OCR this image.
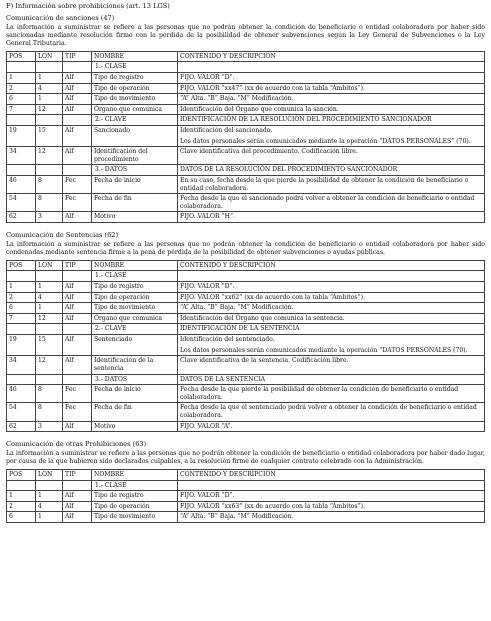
F) Información sobre prohibiciones (art. 13 LGS)
Comunicación de sanciones (47)
La información a suministrar se refiere a las personas que no podrán obtener la condición de beneficiario o entidad colaboradora por haber sido sancionadas mediante resolución firme con la pérdida de la posibilidad de obtener subvenciones según la Ley General de Subvenciones o la Ley General Tributaria.
POS	LON	TIP	NOMBRE	CONTENIDO Y DESCRIPCIÓN
			1.- CLASE	
1	1	Alf	Tipo de registro	FIJO. VALOR “D”.

2	4	Alf	Tipo de operación	FIJO. VALOR “xx47” (xx de acuerdo con la tabla “Ámbitos”).

6	1	Alf	Tipo de movimiento	“A” Alta. “B” Baja. “M” Modificación.

7	12	Alf	Órgano que comunica	Identificación del Órgano que comunica la sanción.

			2.- CLAVE	IDENTIFICACIÓN DE LA RESOLUCIÓN DEL PROCEDIMIENTO SANCIONADOR

19	15	Alf	Sancionado	Identificación del sancionado.

Los datos personales serán comunicados mediante la operación “DATOS PERSONALES” (70).

34	12	Alf	Identificación del procedimiento	Clave identificativa del procedimiento. Codificación libre.

			3.- DATOS	DATOS DE LA RESOLUCIÓN DEL PROCEDIMIENTO SANCIONADOR

46	8	Fec	Fecha de inicio	En su caso, fecha desde la que pierde la posibilidad de obtener la condición de beneficiario o entidad colaboradora.

54	8	Fec	Fecha de fin	Fecha desde la que el sancionado podrá volver a obtener la condición de beneficiario o entidad colaboradora.

62	3	Alf	Motivo	FIJO. VALOR “H”.

Comunicación de Sentencias (62)
La información a suministrar se refiere a las personas que no podrán obtener la condición de beneficiario o entidad colaboradora por haber sido condenadas mediante sentencia firme a la pena de pérdida de la posibilidad de obtener subvenciones o ayudas públicas.
POS	LON	TIP	NOMBRE	CONTENIDO Y DESCRIPCIÓN
			1.- CLASE	
1	1	Alf	Tipo de registro	FIJO. VALOR “D”.

2	4	Alf	Tipo de operación	FIJO. VALOR “xx62” (xx de acuerdo con la tabla “Ámbitos”).

6	1	Alf	Tipo de movimiento	“A” Alta. “B” Baja. “M” Modificación.

7	12	Alf	Órgano que comunica	Identificación del Órgano que comunica la sentencia.

			2.- CLAVE	IDENTIFICACIÓN DE LA SENTENCIA

19	15	Alf	Sentenciado	Identificación del sentenciado.

Los datos personales serán comunicados mediante la operación “DATOS PERSONALES (70).

34	12	Alf	Identificación de la sentencia	Clave identificativa de la sentencia. Codificación libre.

			3.- DATOS	DATOS DE LA SENTENCIA

46	8	Fec	Fecha de inicio	Fecha desde la que pierde la posibilidad de obtener la condición de beneficiario o entidad colaboradora.

54	8	Fec	Fecha de fin	Fecha desde la que el sentenciado podrá volver a obtener la condición de beneficiario o entidad colaboradora.

62	3	Alf	Motivo	FIJO. VALOR “A”.

Comunicación de otras Prohibiciones (63)
La información a suministrar se refiere a las personas que no podrán obtener la condición de beneficiario o entidad colaboradora por haber dado lugar, por causa de la que hubieren sido declarados culpables, a la resolución firme de cualquier contrato celebrado con la Administración.
POS	LON	TIP	NOMBRE	CONTENIDO Y DESCRIPCIÓN
			1.- CLASE	
1	1	Alf	Tipo de registro	FIJO. VALOR “D”.

2	4	Alf	Tipo de operación	FIJO. VALOR “xx63” (xx de acuerdo con la tabla “Ámbitos”).

6	1	Alf	Tipo de movimiento	“A” Alta. “B” Baja. “M” Modificación.
